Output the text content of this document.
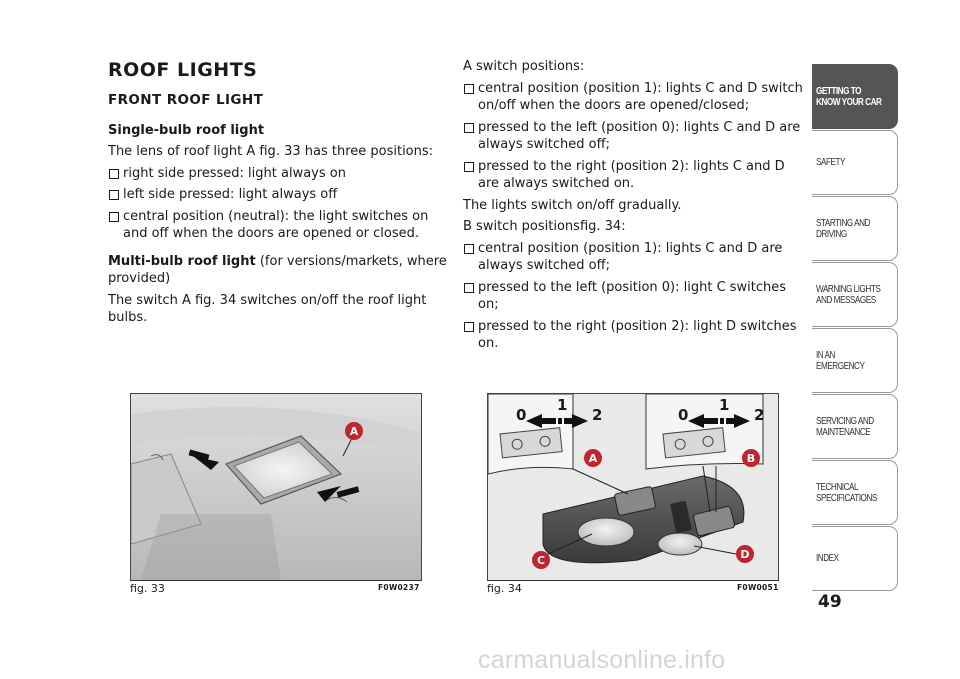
ROOF LIGHTS
FRONT ROOF LIGHT

Single-bulb roof light

The lens of roof light A fig. 33 has three positions:

right side pressed: light always on
left side pressed: light always off
central position (neutral): the light switches on and off when the doors are opened or closed.

Multi-bulb roof light (for versions/markets, where provided)

The switch A fig. 34 switches on/off the roof light bulbs.

A switch positions:

central position (position 1): lights C and D switch on/off when the doors are opened/closed;
pressed to the left (position 0): lights C and D are always switched off;
pressed to the right (position 2): lights C and D are always switched on.

The lights switch on/off gradually.

B switch positionsfig. 34:

central position (position 1): lights C and D are always switched off;
pressed to the left (position 0): light C switches on;
pressed to the right (position 2): light D switches on.
A
fig. 33	F0W0237
0
1
2	0
1
2
A	B
C	D
fig. 34	F0W0051
GETTING TO
KNOW YOUR CAR
SAFETY
STARTING AND
DRIVING
WARNING LIGHTS
AND MESSAGES
IN AN EMERGENCY
SERVICING AND
MAINTENANCE
TECHNICAL
SPECIFICATIONS
INDEX
49
carmanualsonline.info
